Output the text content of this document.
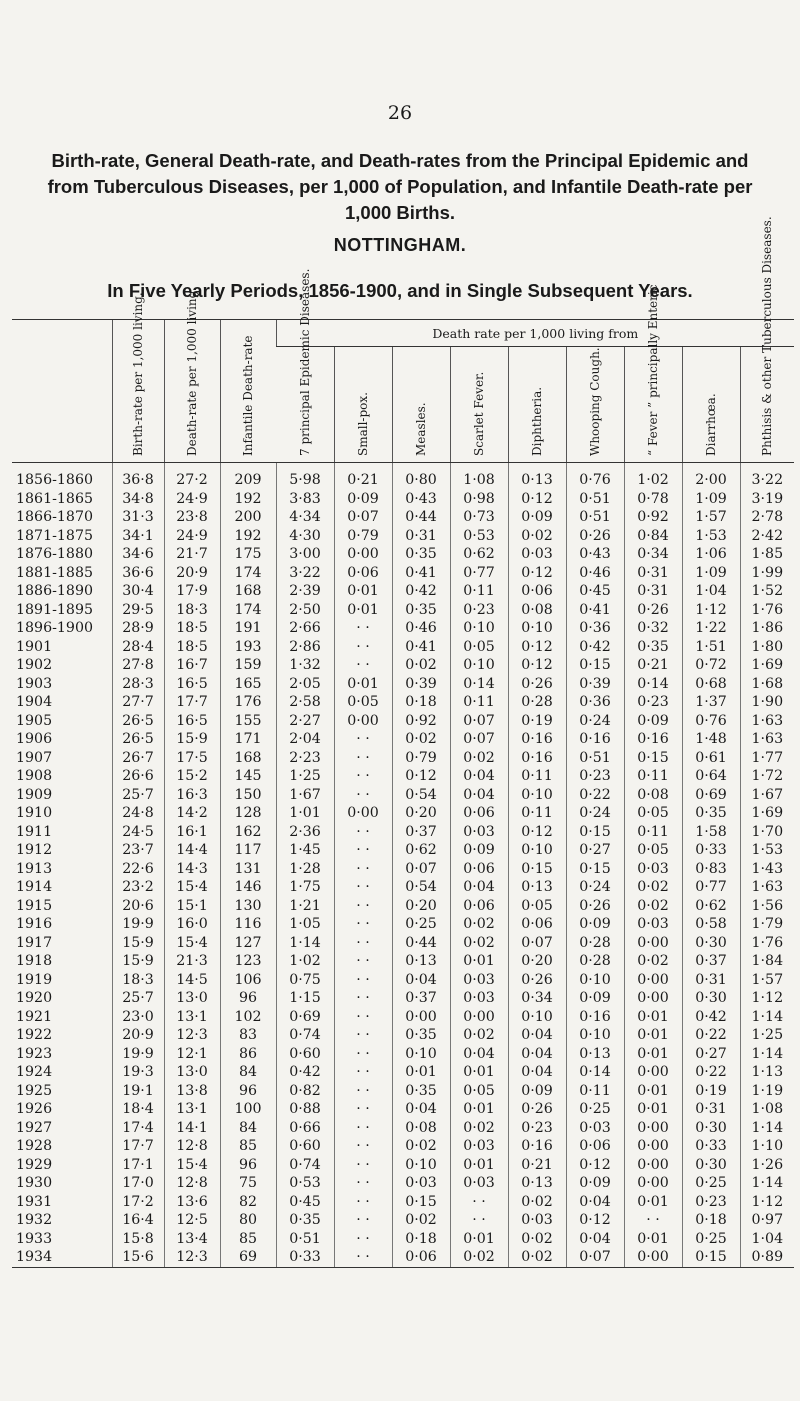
26
Birth-rate, General Death-rate, and Death-rates from the Principal Epidemic and from Tuberculous Diseases, per 1,000 of Population, and Infantile Death-rate per 1,000 Births.
NOTTINGHAM.
In Five Yearly Periods, 1856-1900, and in Single Subsequent Years.

	Birth-rate per 1,000 living.	Death-rate per 1,000 living.	Infantile Death-rate	Death rate per 1,000 living from								

				7 principal Epidemic Diseases.	Small-pox.	Measles.	Scarlet Fever.	Diphtheria.	Whooping Cough.	“ Fever ” principally Enteric	Diarrhœa.	Phthisis & other Tuberculous Diseases.

1856-1860	36·8	27·2	209	5·98	0·21	0·80	1·08	0·13	0·76	1·02	2·00	3·22
1861-1865	34·8	24·9	192	3·83	0·09	0·43	0·98	0·12	0·51	0·78	1·09	3·19
1866-1870	31·3	23·8	200	4·34	0·07	0·44	0·73	0·09	0·51	0·92	1·57	2·78
1871-1875	34·1	24·9	192	4·30	0·79	0·31	0·53	0·02	0·26	0·84	1·53	2·42
1876-1880	34·6	21·7	175	3·00	0·00	0·35	0·62	0·03	0·43	0·34	1·06	1·85
1881-1885	36·6	20·9	174	3·22	0·06	0·41	0·77	0·12	0·46	0·31	1·09	1·99
1886-1890	30·4	17·9	168	2·39	0·01	0·42	0·11	0·06	0·45	0·31	1·04	1·52
1891-1895	29·5	18·3	174	2·50	0·01	0·35	0·23	0·08	0·41	0·26	1·12	1·76
1896-1900	28·9	18·5	191	2·66	· ·	0·46	0·10	0·10	0·36	0·32	1·22	1·86
1901	28·4	18·5	193	2·86	· ·	0·41	0·05	0·12	0·42	0·35	1·51	1·80
1902	27·8	16·7	159	1·32	· ·	0·02	0·10	0·12	0·15	0·21	0·72	1·69
1903	28·3	16·5	165	2·05	0·01	0·39	0·14	0·26	0·39	0·14	0·68	1·68
1904	27·7	17·7	176	2·58	0·05	0·18	0·11	0·28	0·36	0·23	1·37	1·90
1905	26·5	16·5	155	2·27	0·00	0·92	0·07	0·19	0·24	0·09	0·76	1·63
1906	26·5	15·9	171	2·04	· ·	0·02	0·07	0·16	0·16	0·16	1·48	1·63
1907	26·7	17·5	168	2·23	· ·	0·79	0·02	0·16	0·51	0·15	0·61	1·77
1908	26·6	15·2	145	1·25	· ·	0·12	0·04	0·11	0·23	0·11	0·64	1·72
1909	25·7	16·3	150	1·67	· ·	0·54	0·04	0·10	0·22	0·08	0·69	1·67
1910	24·8	14·2	128	1·01	0·00	0·20	0·06	0·11	0·24	0·05	0·35	1·69
1911	24·5	16·1	162	2·36	· ·	0·37	0·03	0·12	0·15	0·11	1·58	1·70
1912	23·7	14·4	117	1·45	· ·	0·62	0·09	0·10	0·27	0·05	0·33	1·53
1913	22·6	14·3	131	1·28	· ·	0·07	0·06	0·15	0·15	0·03	0·83	1·43
1914	23·2	15·4	146	1·75	· ·	0·54	0·04	0·13	0·24	0·02	0·77	1·63
1915	20·6	15·1	130	1·21	· ·	0·20	0·06	0·05	0·26	0·02	0·62	1·56
1916	19·9	16·0	116	1·05	· ·	0·25	0·02	0·06	0·09	0·03	0·58	1·79
1917	15·9	15·4	127	1·14	· ·	0·44	0·02	0·07	0·28	0·00	0·30	1·76
1918	15·9	21·3	123	1·02	· ·	0·13	0·01	0·20	0·28	0·02	0·37	1·84
1919	18·3	14·5	106	0·75	· ·	0·04	0·03	0·26	0·10	0·00	0·31	1·57
1920	25·7	13·0	96	1·15	· ·	0·37	0·03	0·34	0·09	0·00	0·30	1·12
1921	23·0	13·1	102	0·69	· ·	0·00	0·00	0·10	0·16	0·01	0·42	1·14
1922	20·9	12·3	83	0·74	· ·	0·35	0·02	0·04	0·10	0·01	0·22	1·25
1923	19·9	12·1	86	0·60	· ·	0·10	0·04	0·04	0·13	0·01	0·27	1·14
1924	19·3	13·0	84	0·42	· ·	0·01	0·01	0·04	0·14	0·00	0·22	1·13
1925	19·1	13·8	96	0·82	· ·	0·35	0·05	0·09	0·11	0·01	0·19	1·19
1926	18·4	13·1	100	0·88	· ·	0·04	0·01	0·26	0·25	0·01	0·31	1·08
1927	17·4	14·1	84	0·66	· ·	0·08	0·02	0·23	0·03	0·00	0·30	1·14
1928	17·7	12·8	85	0·60	· ·	0·02	0·03	0·16	0·06	0·00	0·33	1·10
1929	17·1	15·4	96	0·74	· ·	0·10	0·01	0·21	0·12	0·00	0·30	1·26
1930	17·0	12·8	75	0·53	· ·	0·03	0·03	0·13	0·09	0·00	0·25	1·14
1931	17·2	13·6	82	0·45	· ·	0·15	· ·	0·02	0·04	0·01	0·23	1·12
1932	16·4	12·5	80	0·35	· ·	0·02	· ·	0·03	0·12	· ·	0·18	0·97
1933	15·8	13·4	85	0·51	· ·	0·18	0·01	0·02	0·04	0·01	0·25	1·04
1934	15·6	12·3	69	0·33	· ·	0·06	0·02	0·02	0·07	0·00	0·15	0·89
